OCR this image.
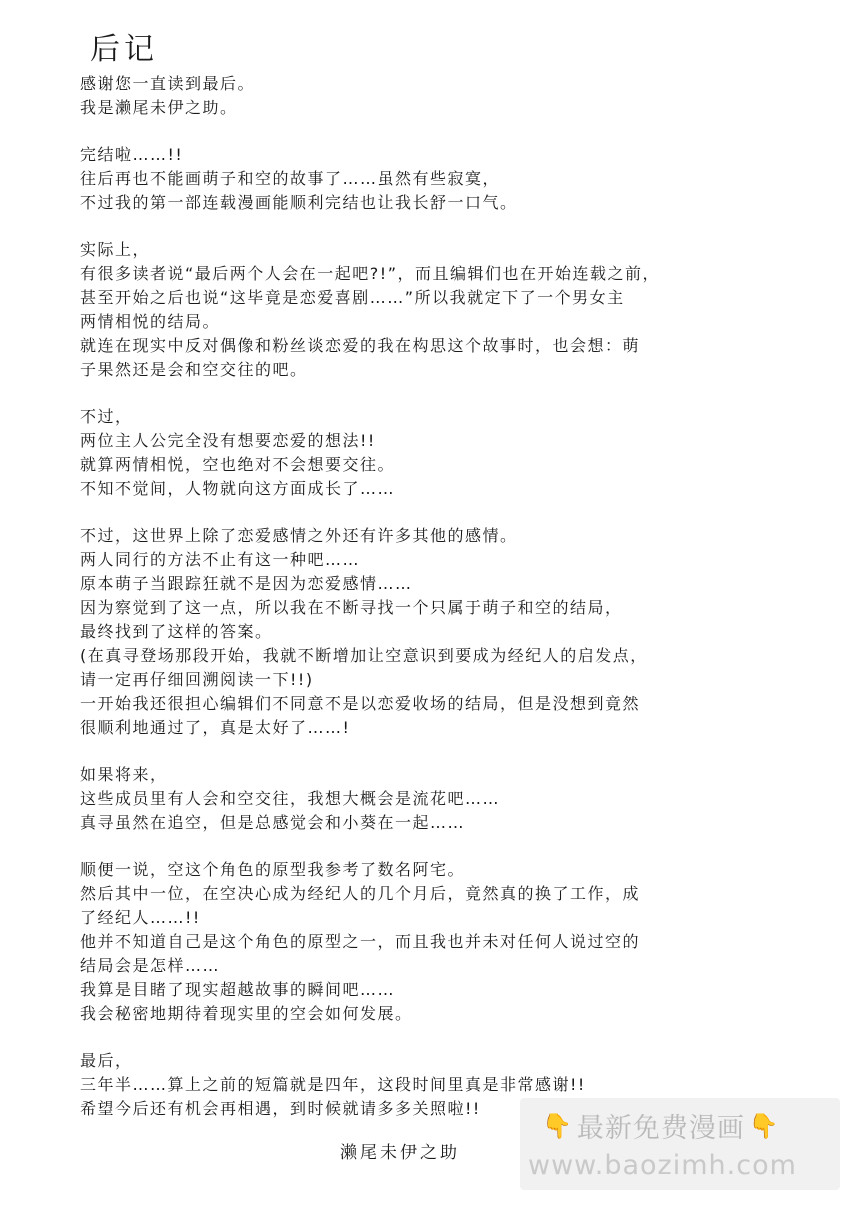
后记
感谢您一直读到最后。
我是濑尾未伊之助。
完结啦……!!
往后再也不能画萌子和空的故事了……虽然有些寂寞，
不过我的第一部连载漫画能顺利完结也让我长舒一口气。
实际上，
有很多读者说“最后两个人会在一起吧?!”，而且编辑们也在开始连载之前，
甚至开始之后也说“这毕竟是恋爱喜剧……”所以我就定下了一个男女主
两情相悦的结局。
就连在现实中反对偶像和粉丝谈恋爱的我在构思这个故事时，也会想：萌
子果然还是会和空交往的吧。
不过，
两位主人公完全没有想要恋爱的想法!!
就算两情相悦，空也绝对不会想要交往。
不知不觉间，人物就向这方面成长了……
不过，这世界上除了恋爱感情之外还有许多其他的感情。
两人同行的方法不止有这一种吧……
原本萌子当跟踪狂就不是因为恋爱感情……
因为察觉到了这一点，所以我在不断寻找一个只属于萌子和空的结局，
最终找到了这样的答案。
(在真寻登场那段开始，我就不断增加让空意识到要成为经纪人的启发点，
请一定再仔细回溯阅读一下!!)
一开始我还很担心编辑们不同意不是以恋爱收场的结局，但是没想到竟然
很顺利地通过了，真是太好了……!
如果将来，
这些成员里有人会和空交往，我想大概会是流花吧……
真寻虽然在追空，但是总感觉会和小葵在一起……
顺便一说，空这个角色的原型我参考了数名阿宅。
然后其中一位，在空决心成为经纪人的几个月后，竟然真的换了工作，成
了经纪人……!!
他并不知道自己是这个角色的原型之一，而且我也并未对任何人说过空的
结局会是怎样……
我算是目睹了现实超越故事的瞬间吧……
我会秘密地期待着现实里的空会如何发展。
最后，
三年半……算上之前的短篇就是四年，这段时间里真是非常感谢!!
希望今后还有机会再相遇，到时候就请多多关照啦!!
濑尾未伊之助
👇 最新免费漫画 👇
www.baozimh.com
